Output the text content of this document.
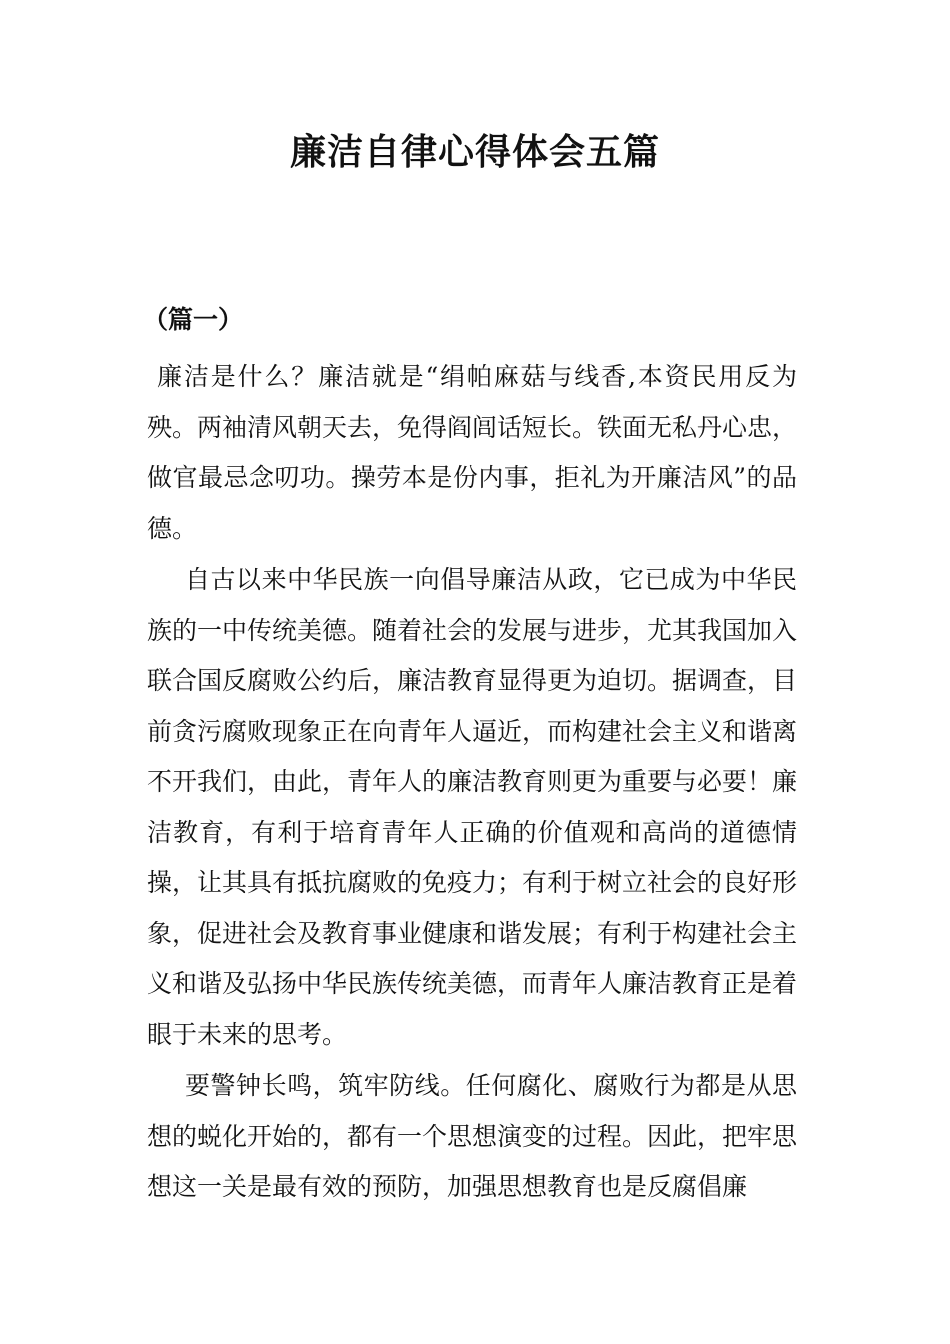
廉洁自律心得体会五篇
（篇一）

廉洁是什么？廉洁就是“绢帕麻菇与线香,本资民用反为殃。两袖清风朝天去，免得阎闾话短长。铁面无私丹心忠，做官最忌念叨功。操劳本是份内事，拒礼为开廉洁风”的品德。

自古以来中华民族一向倡导廉洁从政，它已成为中华民族的一中传统美德。随着社会的发展与进步，尤其我国加入联合国反腐败公约后，廉洁教育显得更为迫切。据调查，目前贪污腐败现象正在向青年人逼近，而构建社会主义和谐离不开我们，由此，青年人的廉洁教育则更为重要与必要！廉洁教育，有利于培育青年人正确的价值观和高尚的道德情操，让其具有抵抗腐败的免疫力；有利于树立社会的良好形象，促进社会及教育事业健康和谐发展；有利于构建社会主义和谐及弘扬中华民族传统美德，而青年人廉洁教育正是着眼于未来的思考。

要警钟长鸣，筑牢防线。任何腐化、腐败行为都是从思想的蜕化开始的，都有一个思想演变的过程。因此，把牢思想这一关是最有效的预防，加强思想教育也是反腐倡廉
